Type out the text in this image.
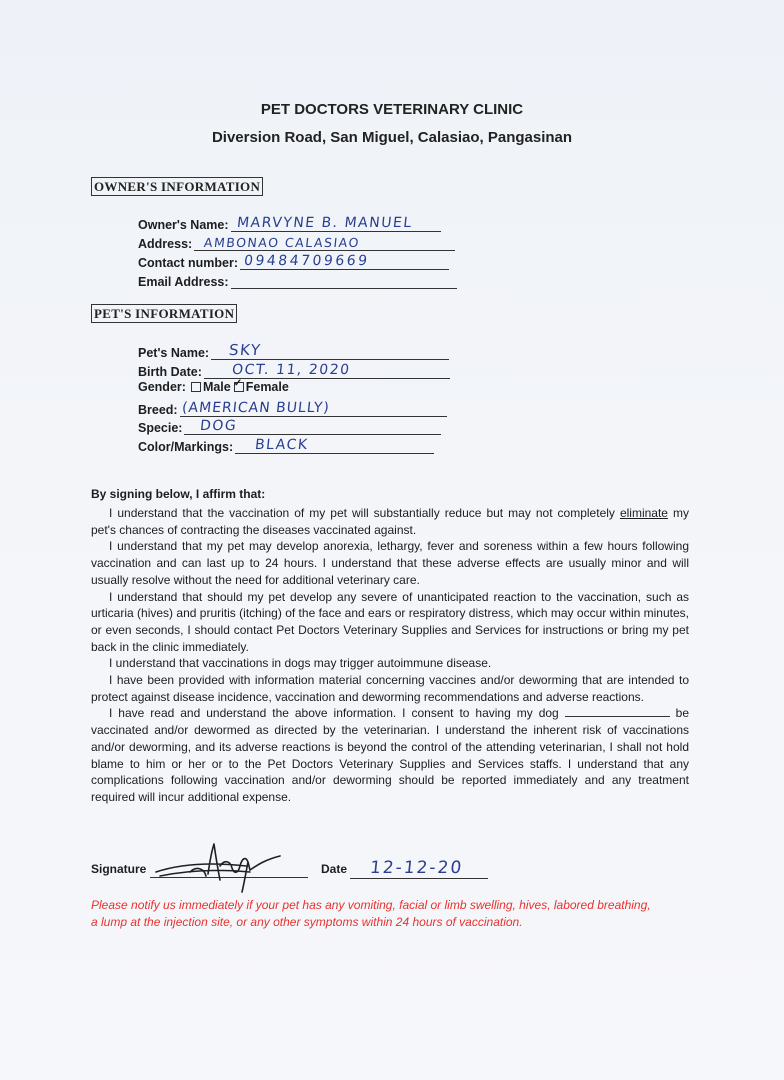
PET DOCTORS VETERINARY CLINIC
Diversion Road, San Miguel, Calasiao, Pangasinan
OWNER'S INFORMATION
Owner's Name: MARVYNE B. MANUEL
Address: AMBONAO CALASIAO
Contact number: 09484709669
Email Address:
PET'S INFORMATION
Pet's Name: SKY
Birth Date: OCT. 11, 2020
Gender: Male
✓ Female
Breed: (AMERICAN BULLY)
Specie: DOG
Color/Markings: BLACK
By signing below, I affirm that:

I understand that the vaccination of my pet will substantially reduce but may not completely eliminate my pet's chances of contracting the diseases vaccinated against.

I understand that my pet may develop anorexia, lethargy, fever and soreness within a few hours following vaccination and can last up to 24 hours. I understand that these adverse effects are usually minor and will usually resolve without the need for additional veterinary care.

I understand that should my pet develop any severe of unanticipated reaction to the vaccination, such as urticaria (hives) and pruritis (itching) of the face and ears or respiratory distress, which may occur within minutes, or even seconds, I should contact Pet Doctors Veterinary Supplies and Services for instructions or bring my pet back in the clinic immediately.

I understand that vaccinations in dogs may trigger autoimmune disease.

I have been provided with information material concerning vaccines and/or deworming that are intended to protect against disease incidence, vaccination and deworming recommendations and adverse reactions.

I have read and understand the above information. I consent to having my dog	be vaccinated and/or dewormed as directed by the veterinarian. I understand the inherent risk of vaccinations and/or deworming, and its adverse reactions is beyond the control of the attending veterinarian, I shall not hold blame to him or her or to the Pet Doctors Veterinary Supplies and Services staffs. I understand that any complications following vaccination and/or deworming should be reported immediately and any treatment required will incur additional expense.

Signature	Date 12-12-20
Please notify us immediately if your pet has any vomiting, facial or limb swelling, hives, labored breathing, a lump at the injection site, or any other symptoms within 24 hours of vaccination.
